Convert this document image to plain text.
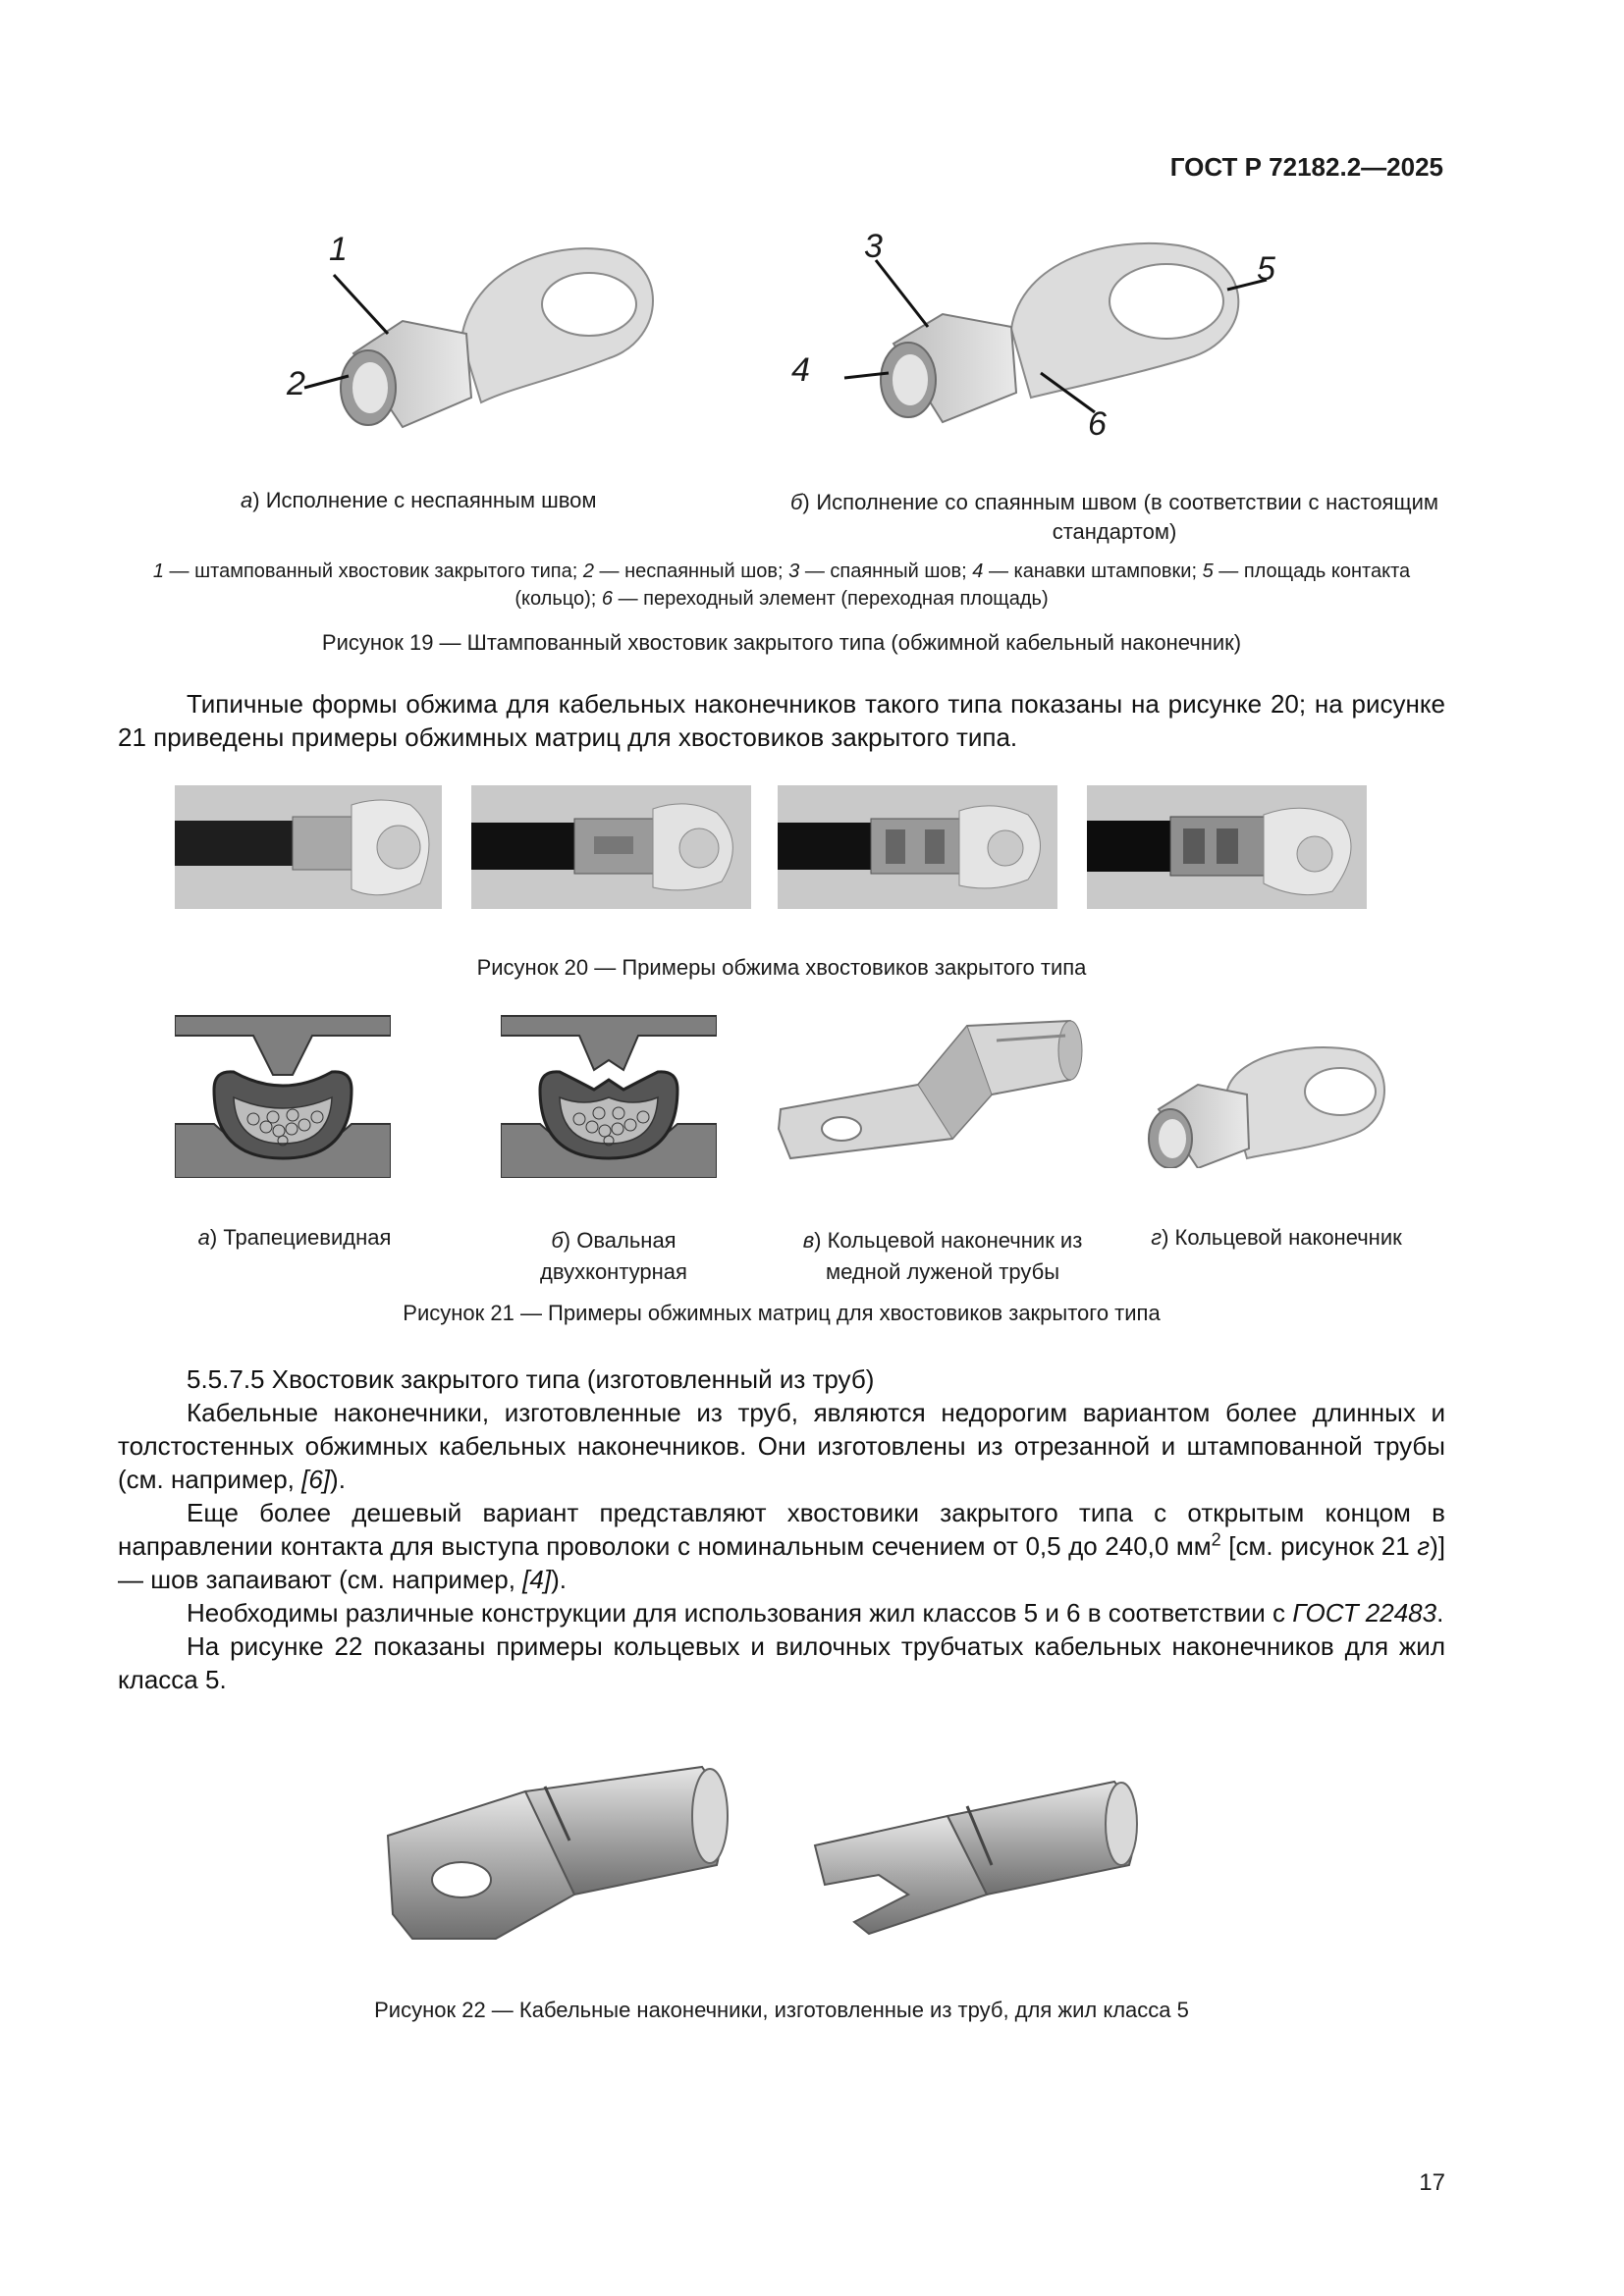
ГОСТ Р 72182.2—2025
1
2
3
4
5
6
а) Исполнение с неспаянным швом	б) Исполнение со спаянным швом (в соответствии с настоящим стандартом)
1 — штампованный хвостовик закрытого типа; 2 — неспаянный шов; 3 — спаянный шов; 4 — канавки штамповки; 5 — площадь контакта (кольцо); 6 — переходный элемент (переходная площадь)
Рисунок 19 — Штампованный хвостовик закрытого типа (обжимной кабельный наконечник)
Типичные формы обжима для кабельных наконечников такого типа показаны на рисунке 20; на рисунке 21 приведены примеры обжимных матриц для хвостовиков закрытого типа.
Рисунок 20 — Примеры обжима хвостовиков закрытого типа
а) Трапециевидная	б) Овальная двухконтурная
в) Кольцевой наконечник из медной луженой трубы
г) Кольцевой наконечник
Рисунок 21 — Примеры обжимных матриц для хвостовиков закрытого типа
5.5.7.5 Хвостовик закрытого типа (изготовленный из труб)
Кабельные наконечники, изготовленные из труб, являются недорогим вариантом более длинных и толстостенных обжимных кабельных наконечников. Они изготовлены из отрезанной и штампованной трубы (см. например, [6]).
Еще более дешевый вариант представляют хвостовики закрытого типа с открытым концом в направлении контакта для выступа проволоки с номинальным сечением от 0,5 до 240,0 $мм^2$ [см. рисунок 21 г)] — шов запаивают (см. например, [4]).
Необходимы различные конструкции для использования жил классов 5 и 6 в соответствии с ГОСТ 22483.
На рисунке 22 показаны примеры кольцевых и вилочных трубчатых кабельных наконечников для жил класса 5.
Рисунок 22 — Кабельные наконечники, изготовленные из труб, для жил класса 5
17
